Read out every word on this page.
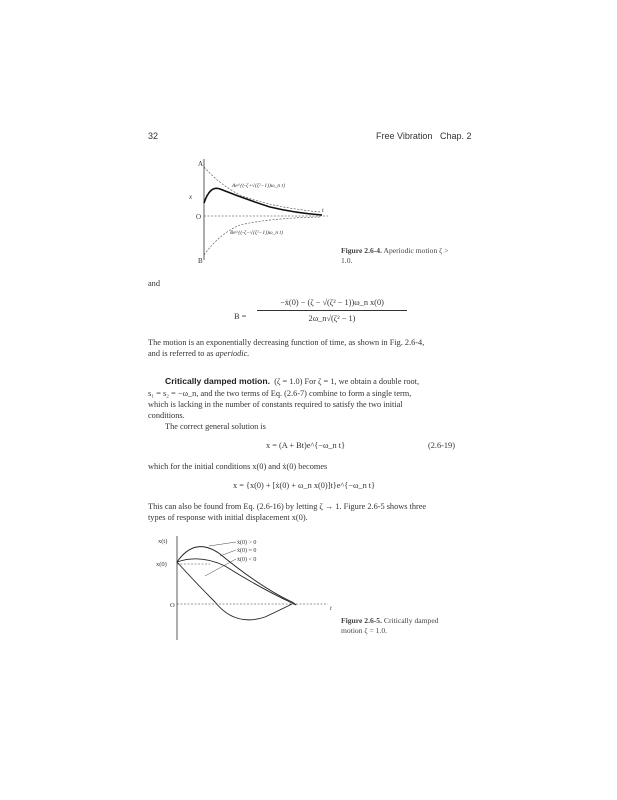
32	Free Vibration Chap. 2
A
x
O
B
t
Ae^{(-ζ+√(ζ²−1))ω_n t}
Be^{(-ζ−√(ζ²−1))ω_n t}
Figure 2.6-4. Aperiodic motion ζ >
1.0.
and
B =
−ẋ(0) − (ζ − √(ζ² − 1))ω_n x(0)
2ω_n√(ζ² − 1)
The motion is an exponentially decreasing function of time, as shown in Fig. 2.6-4,
and is referred to as aperiodic.
Critically damped motion. (ζ = 1.0) For ζ = 1, we obtain a double root,
s₁ = s₂ = −ω_n, and the two terms of Eq. (2.6-7) combine to form a single term,
which is lacking in the number of constants required to satisfy the two initial
conditions.
The correct general solution is
x = (A + Bt)e^{−ω_n t}	(2.6-19)
which for the initial conditions x(0) and ẋ(0) becomes
x = {x(0) + [ẋ(0) + ω_n x(0)]t}e^{−ω_n t}
This can also be found from Eq. (2.6-16) by letting ζ → 1. Figure 2.6-5 shows three
types of response with initial displacement x(0).
x(t)
x(0)
O
ẋ(0) > 0
ẋ(0) = 0
ẋ(0) < 0
t
Figure 2.6-5. Critically damped
motion ζ = 1.0.
